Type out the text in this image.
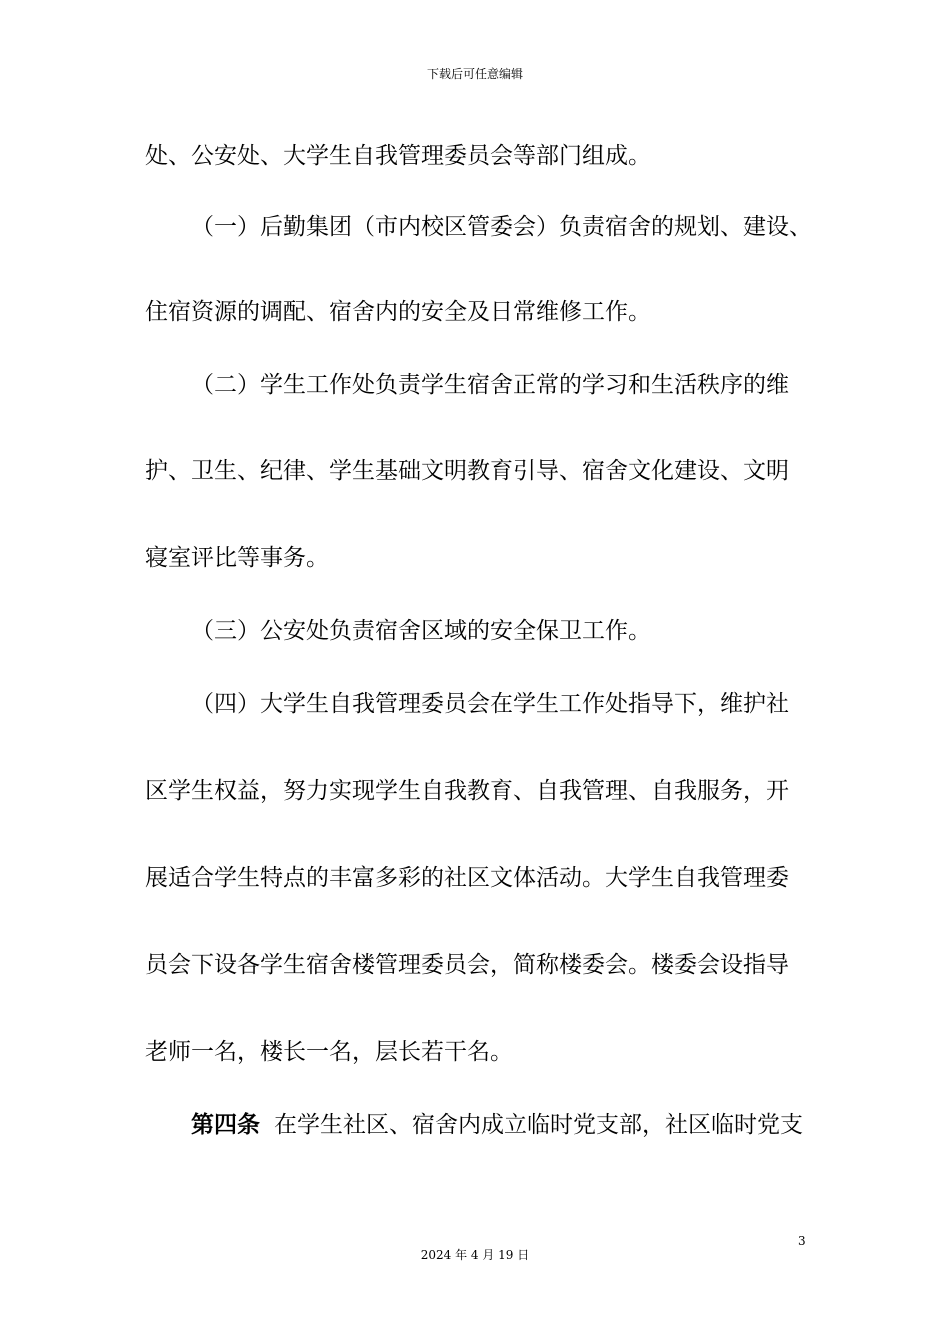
下载后可任意编辑
处、公安处、大学生自我管理委员会等部门组成。
（一）后勤集团（市内校区管委会）负责宿舍的规划、建设、
住宿资源的调配、宿舍内的安全及日常维修工作。
（二）学生工作处负责学生宿舍正常的学习和生活秩序的维
护、卫生、纪律、学生基础文明教育引导、宿舍文化建设、文明
寝室评比等事务。
（三）公安处负责宿舍区域的安全保卫工作。
（四）大学生自我管理委员会在学生工作处指导下，维护社
区学生权益，努力实现学生自我教育、自我管理、自我服务，开
展适合学生特点的丰富多彩的社区文体活动。大学生自我管理委
员会下设各学生宿舍楼管理委员会，简称楼委会。楼委会设指导
老师一名，楼长一名，层长若干名。
第四条 在学生社区、宿舍内成立临时党支部，社区临时党支
3
2024 年 4 月 19 日
